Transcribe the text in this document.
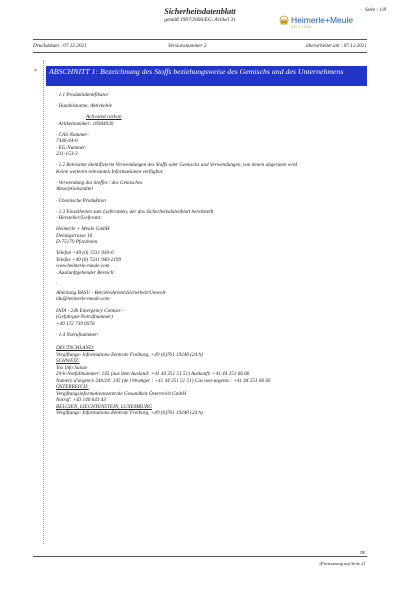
Sicherheitsdatenblatt
gemäß 1907/2006/EG, Artikel 31
Seite : 1/8
Heimerle+Meule
SEIT 1845
Druckdatum : 07.12.2021	Versionsnummer 2	überarbeitet am : 07.12.2021
*	ABSCHNITT 1: Bezeichnung des Stoffs beziehungsweise des Gemischs und des Unternehmens
· 1.1 Produktidentifikator
· Handelsname: Aktivkohle
Activated carbon
· Artikelnummer: 16944030
· CAS-Nummer:
7440-44-0
· EG-Nummer:
231-153-3
· 1.2 Relevante identifizierte Verwendungen des Stoffs oder Gemischs und Verwendungen, von denen abgeraten wird
Keine weiteren relevanten Informationen verfügbar.
· Verwendung des Stoffes / des Gemisches
Absorptionsmittel
· Chemische Produktion
· 1.3 Einzelheiten zum Lieferanten, der das Sicherheitsdatenblatt bereitstellt
· Hersteller/Lieferant:
Heimerle + Meule GmbH
Dennigstrasse 16
D-75179 Pforzheim
Telefon +49 (0) 7231 940-0
Telefax +49 (0) 7231 940-2199
www.heimerle-meule.com
· Auskunftgebender Bereich:
·
Abteilung BASU - BetriebsArbeitsSicherheit/Umwelt
idu@heimerle-meule.com
IATA - 24h Emergency Contact -
(Gefahrgut-Notrufnummer)
+49 172 739 6970
· 1.4 Notrufnummer:
DEUTSCHLAND:
Vergiftungs- Informations-Zentrale Freiburg, +49 (0)761 19240 (24 h)
SCHWEIZ:
Tox Info Suisse
24-h-Notfallnummer: 145 (aus dem Ausland: +41 44 251 51 51) Auskunft: +41 44 251 66 66
Numéro d'urgence 24h/24: 145 (de l'étranger : +41 44 251 51 51) Cas non-urgents : +41 44 251 66 66
ÖSTERREICH:
Vergiftungsinformationszentrale Gesundheit Österreich GmbH
Notruf: +43 140 643 43
BELGIEN, LIECHTENSTEIN, LUXEMBURG
Vergiftungs- Informations-Zentrale Freiburg, +49 (0)761 19240 (24 h)
DE
(Fortsetzung auf Seite 2)
